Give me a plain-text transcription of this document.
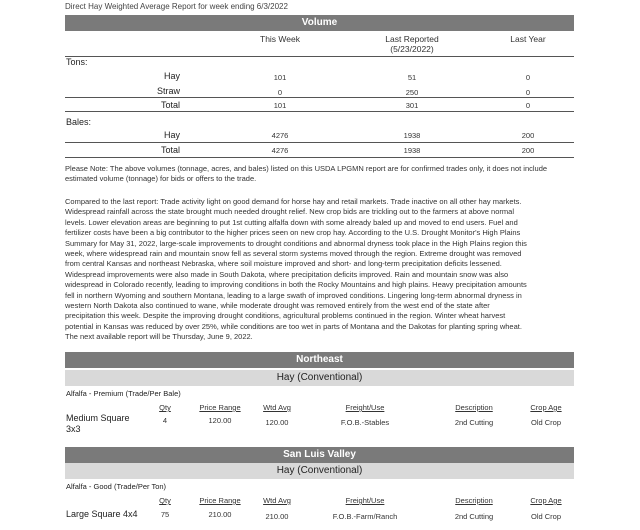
Direct Hay Weighted Average Report for week ending 6/3/2022
Volume
This Week	Last Reported
(5/23/2022)
Last Year
Tons:
Hay	101	51	0
Straw	0	250	0
Total	101	301	0
Bales:
Hay	4276	1938	200
Total	4276	1938	200
Please Note: The above volumes (tonnage, acres, and bales) listed on this USDA LPGMN report are for confirmed trades only, it does not include estimated volume (tonnage) for bids or offers to the trade.
Compared to the last report: Trade activity light on good demand for horse hay and retail markets. Trade inactive on all other hay markets.
Widespread rainfall across the state brought much needed drought relief. New crop bids are trickling out to the farmers at above normal
levels. Lower elevation areas are beginning to put 1st cutting alfalfa down with some already baled up and moved to end users. Fuel and
fertilizer costs have been a big contributor to the higher prices seen on new crop hay. According to the U.S. Drought Monitor's High Plains
Summary for May 31, 2022, large-scale improvements to drought conditions and abnormal dryness took place in the High Plains region this
week, where widespread rain and mountain snow fell as several storm systems moved through the region. Extreme drought was removed
from central Kansas and northeast Nebraska, where soil moisture improved and short- and long-term precipitation deficits lessened.
Widespread improvements were also made in South Dakota, where precipitation deficits improved. Rain and mountain snow was also
widespread in Colorado recently, leading to improving conditions in both the Rocky Mountains and high plains. Heavy precipitation amounts
fell in northern Wyoming and southern Montana, leading to a large swath of improved conditions. Lingering long-term abnormal dryness in
western North Dakota also continued to wane, while moderate drought was removed entirely from the west end of the state after
precipitation this week. Despite the improving drought conditions, agricultural problems continued in the region. Winter wheat harvest
potential in Kansas was reduced by over 25%, while conditions are too wet in parts of Montana and the Dakotas for planting spring wheat.
The next available report will be Thursday, June 9, 2022.
Northeast
Hay (Conventional)
Alfalfa - Premium (Trade/Per Bale)
Qty	Price Range	Wtd Avg	Freight/Use	Description	Crop Age
Medium Square
3x3
4	120.00	120.00	F.O.B.-Stables	2nd Cutting	Old Crop
San Luis Valley
Hay (Conventional)
Alfalfa - Good (Trade/Per Ton)
Qty	Price Range	Wtd Avg	Freight/Use	Description	Crop Age
Large Square 4x4	75	210.00	210.00	F.O.B.-Farm/Ranch	2nd Cutting	Old Crop
